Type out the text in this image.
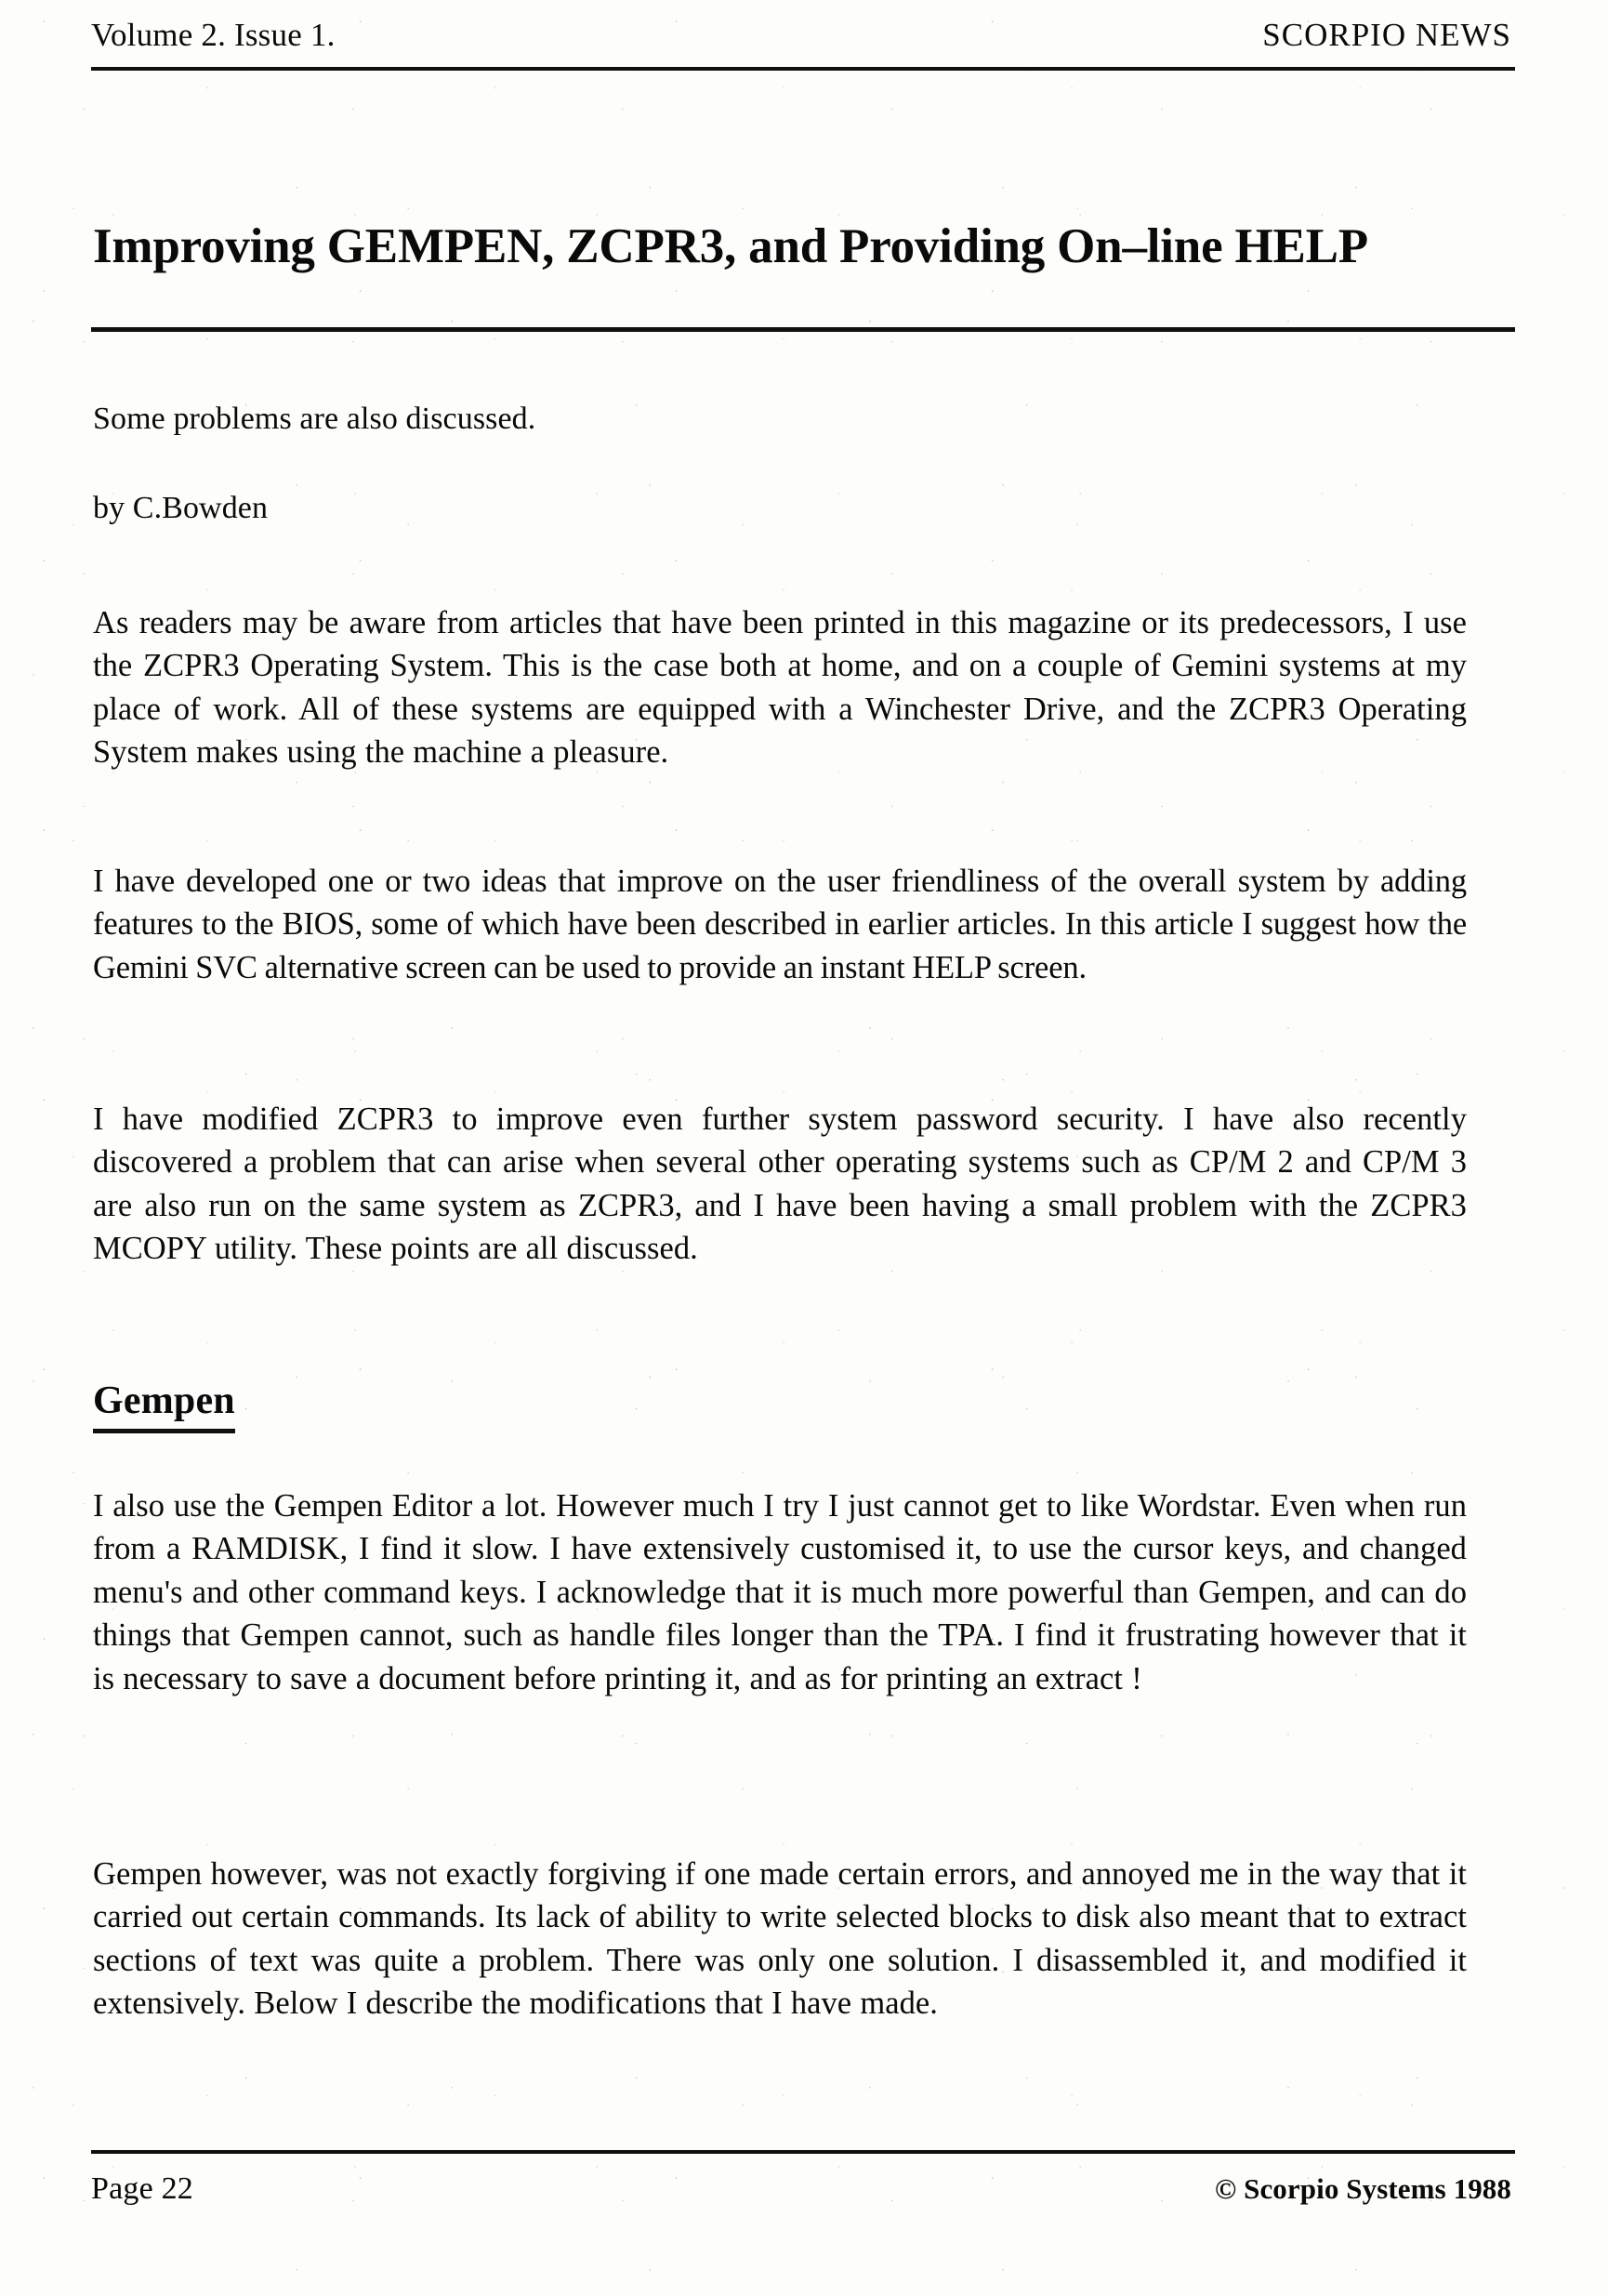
Volume 2. Issue 1.	SCORPIO NEWS
Improving GEMPEN, ZCPR3, and Providing On–line HELP
Some problems are also discussed.
by C.Bowden

As readers may be aware from articles that have been printed in this magazine or its predecessors, I use the ZCPR3 Operating System. This is the case both at home, and on a couple of Gemini systems at my place of work. All of these systems are equipped with a Winchester Drive, and the ZCPR3 Operating System makes using the machine a pleasure.

I have developed one or two ideas that improve on the user friendliness of the overall system by adding features to the BIOS, some of which have been described in earlier articles. In this article I suggest how the Gemini SVC alternative screen can be used to provide an instant HELP screen.

I have modified ZCPR3 to improve even further system password security. I have also recently discovered a problem that can arise when several other operating systems such as CP/M 2 and CP/M 3 are also run on the same system as ZCPR3, and I have been having a small problem with the ZCPR3 MCOPY utility. These points are all discussed.

Gempen

I also use the Gempen Editor a lot. However much I try I just cannot get to like Wordstar. Even when run from a RAMDISK, I find it slow. I have extensively customised it, to use the cursor keys, and changed menu's and other command keys. I acknowledge that it is much more powerful than Gempen, and can do things that Gempen cannot, such as handle files longer than the TPA. I find it frustrating however that it is necessary to save a document before printing it, and as for printing an extract !

Gempen however, was not exactly forgiving if one made certain errors, and annoyed me in the way that it carried out certain commands. Its lack of ability to write selected blocks to disk also meant that to extract sections of text was quite a problem. There was only one solution. I disassembled it, and modified it extensively. Below I describe the modifications that I have made.

Page 22	© Scorpio Systems 1988
